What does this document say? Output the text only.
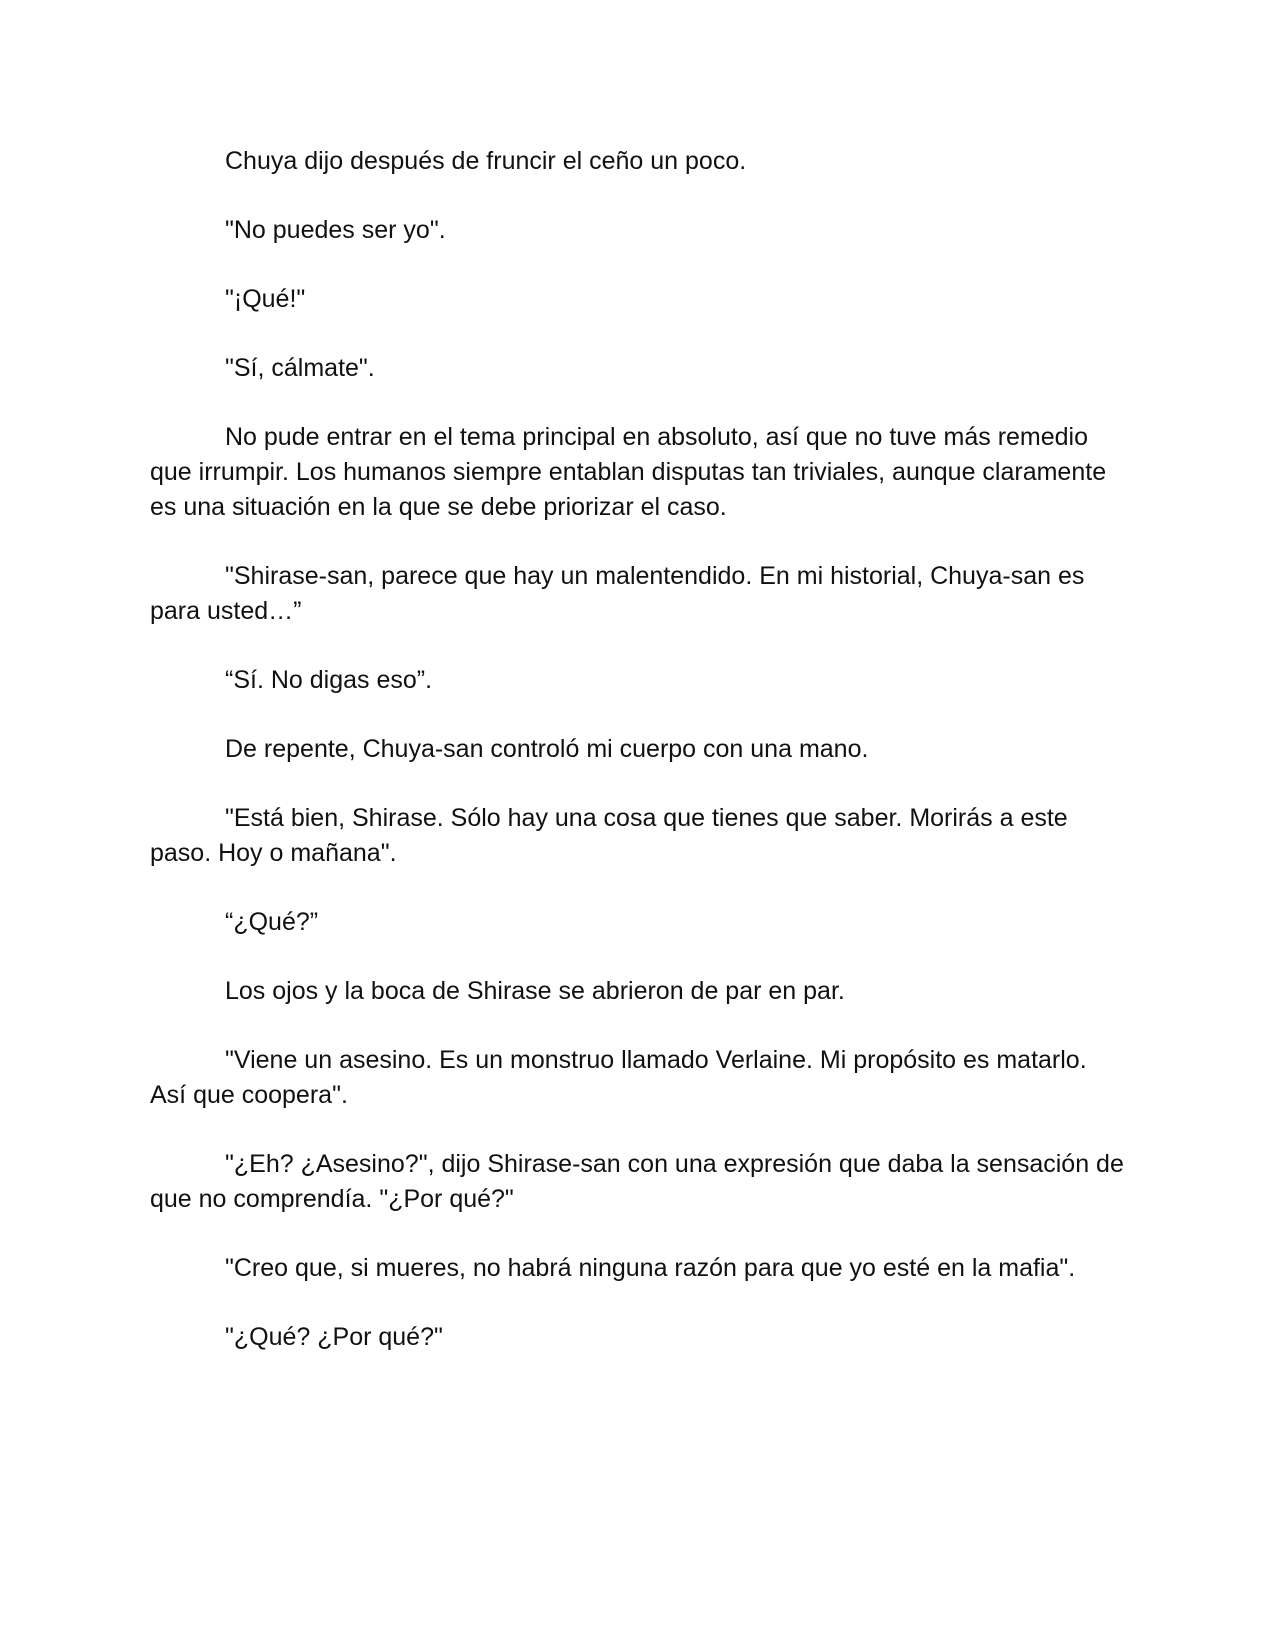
Chuya dijo después de fruncir el ceño un poco.

"No puedes ser yo".

"¡Qué!"

"Sí, cálmate".

No pude entrar en el tema principal en absoluto, así que no tuve más remedio que irrumpir. Los humanos siempre entablan disputas tan triviales, aunque claramente es una situación en la que se debe priorizar el caso.

"Shirase-san, parece que hay un malentendido. En mi historial, Chuya-san es para usted…”

“Sí. No digas eso”.

De repente, Chuya-san controló mi cuerpo con una mano.

"Está bien, Shirase. Sólo hay una cosa que tienes que saber. Morirás a este paso. Hoy o mañana".

“¿Qué?”

Los ojos y la boca de Shirase se abrieron de par en par.

"Viene un asesino. Es un monstruo llamado Verlaine. Mi propósito es matarlo. Así que coopera".

"¿Eh? ¿Asesino?", dijo Shirase-san con una expresión que daba la sensación de que no comprendía. "¿Por qué?"

"Creo que, si mueres, no habrá ninguna razón para que yo esté en la mafia".

"¿Qué? ¿Por qué?"
